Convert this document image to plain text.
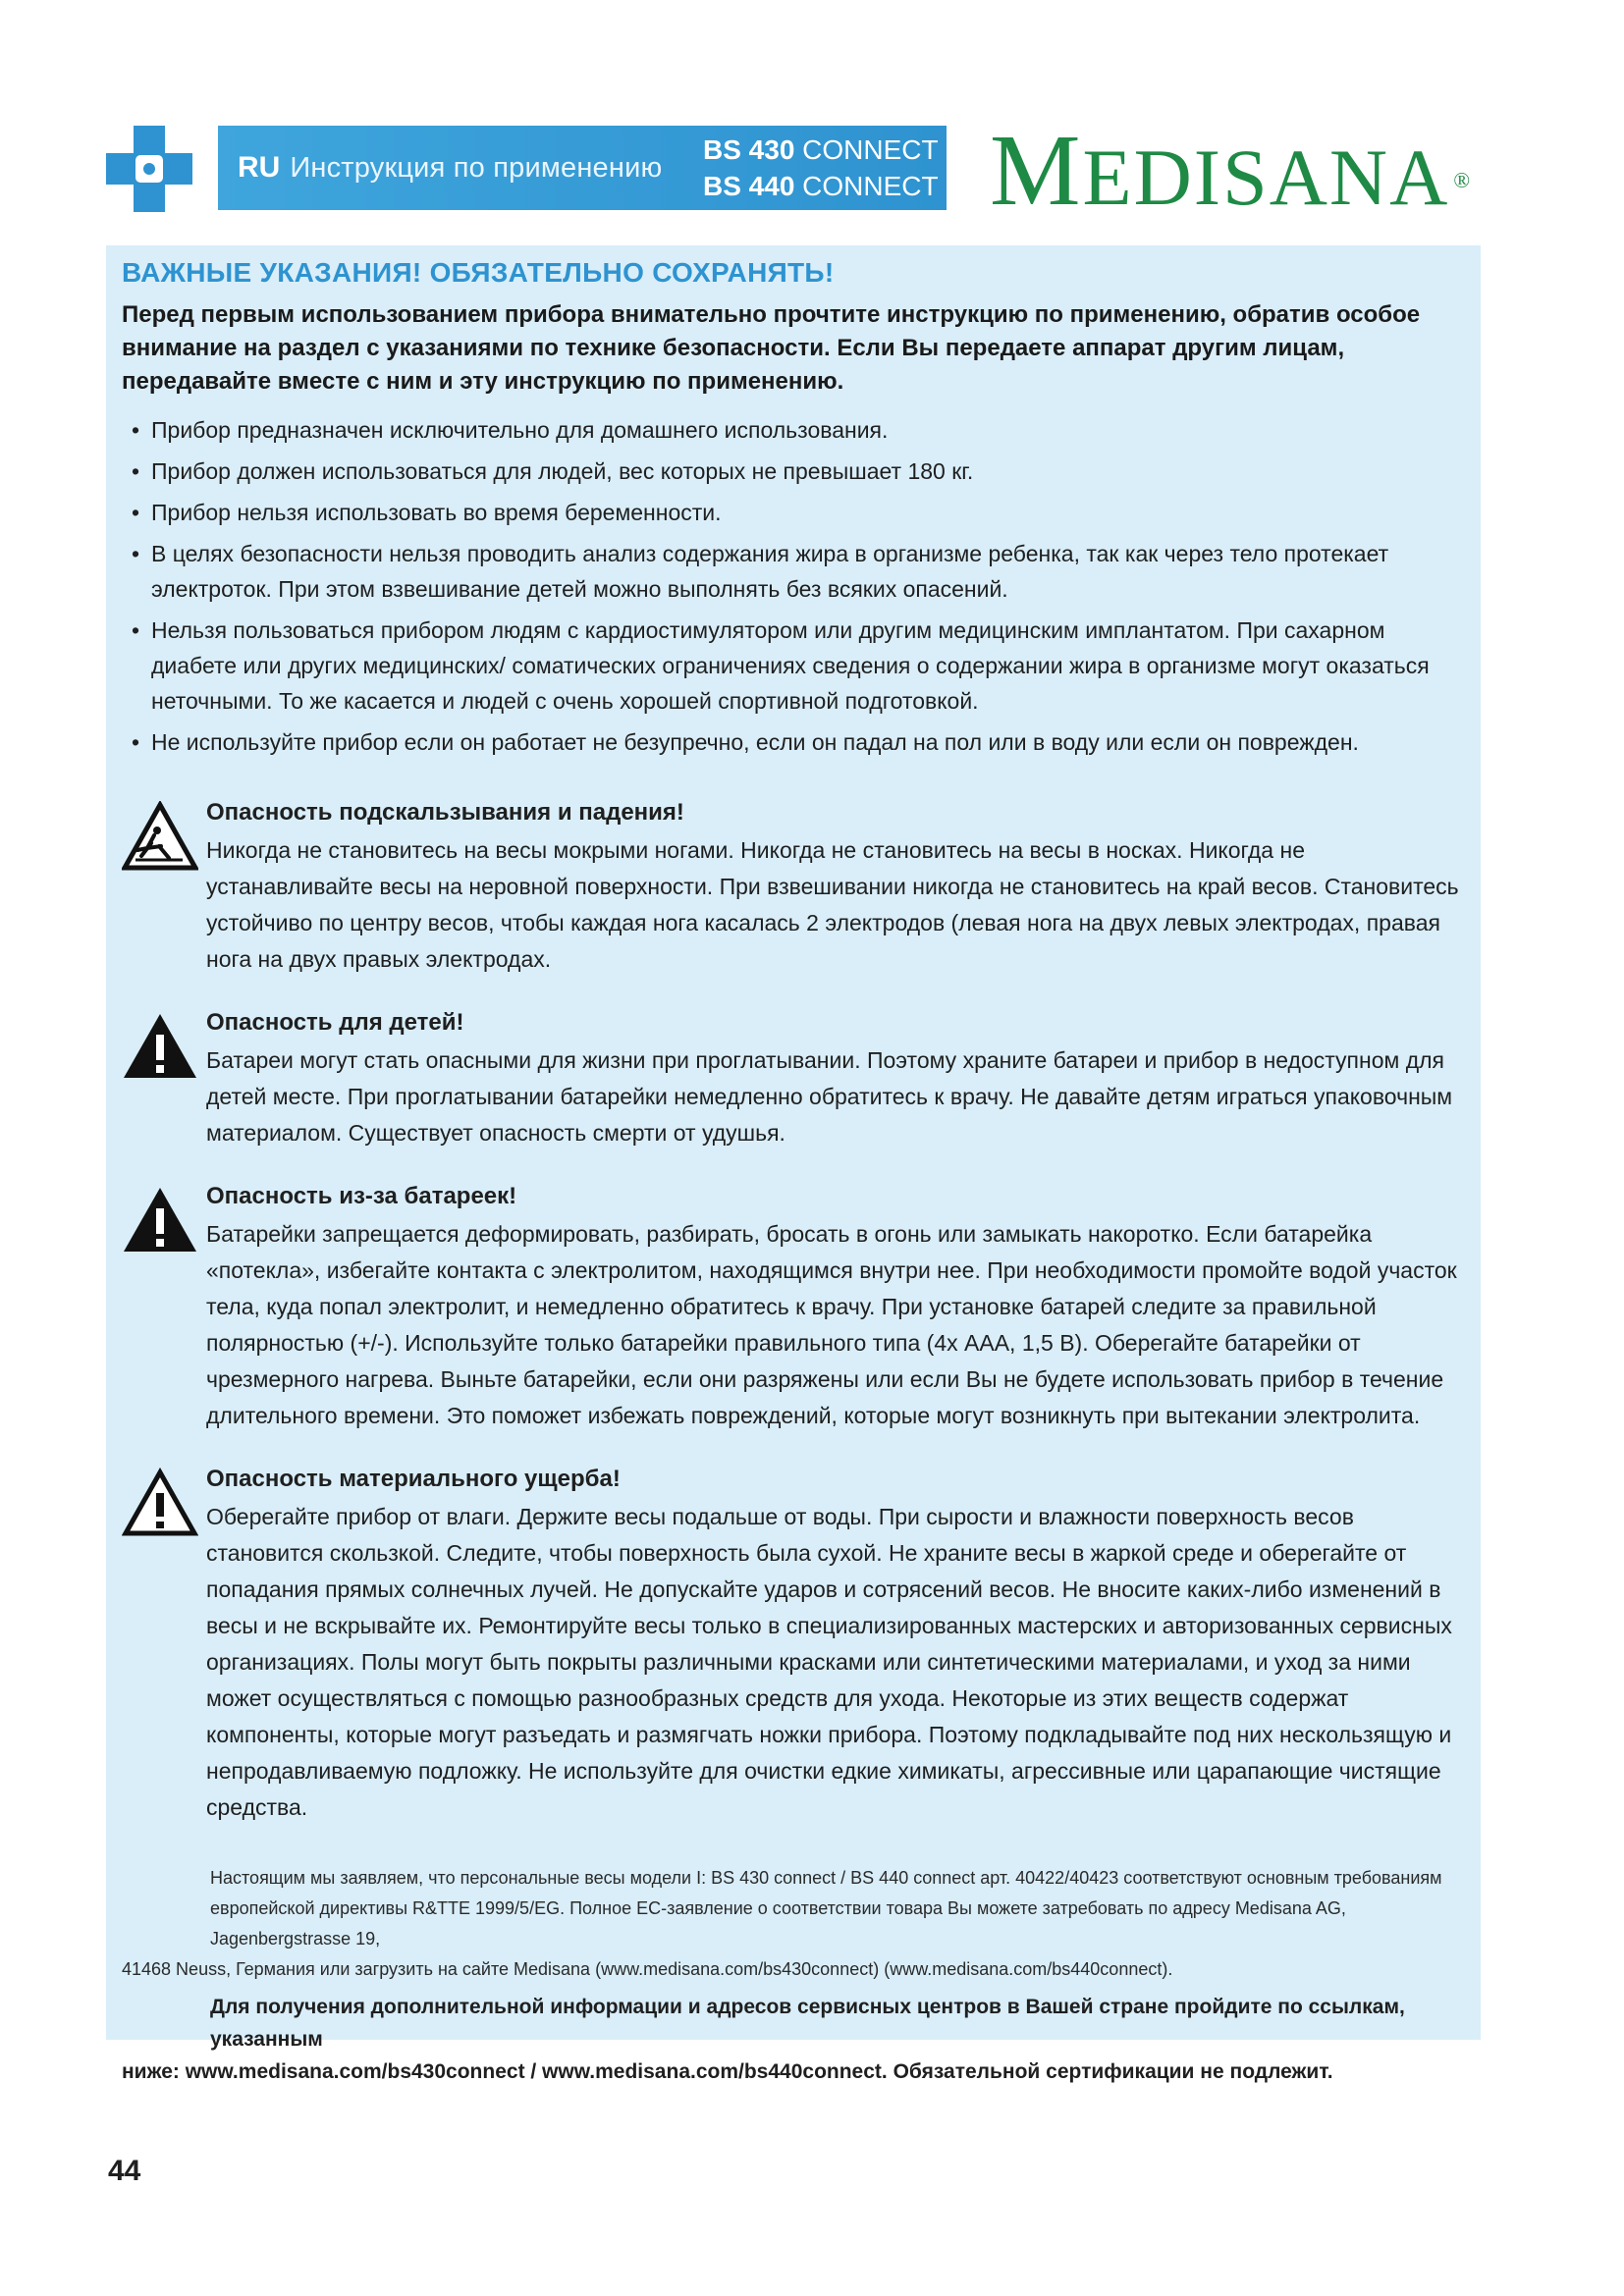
RU Инструкция по применению
BS 430 CONNECT
BS 440 CONNECT MEDISANA ®
ВАЖНЫЕ УКАЗАНИЯ! ОБЯЗАТЕЛЬНО СОХРАНЯТЬ!
Перед первым использованием прибора внимательно прочтите инструкцию по применению, обратив особое внимание на раздел с указаниями по технике безопасности. Если Вы передаете аппарат другим лицам, передавайте вместе с ним и эту инструкцию по применению.
• Прибор предназначен исключительно для домашнего использования.
• Прибор должен использоваться для людей, вес которых не превышает 180 кг.
• Прибор нельзя использовать во время беременности.
• В целях безопасности нельзя проводить анализ содержания жира в организме ребенка, так как через тело протекает электроток. При этом взвешивание детей можно выполнять без всяких опасений.
• Нельзя пользоваться прибором людям с кардиостимулятором или другим медицинским имплантатом. При сахарном диабете или других медицинских/ соматических ограничениях сведения о содержании жира в организме могут оказаться неточными. То же касается и людей с очень хорошей спортивной подготовкой.
• Не используйте прибор если он работает не безупречно, если он падал на пол или в воду или если он поврежден.
Опасность подскальзывания и падения!

Никогда не становитесь на весы мокрыми ногами. Никогда не становитесь на весы в носках. Никогда не устанавливайте весы на неровной поверхности. При взвешивании никогда не становитесь на край весов. Становитесь устойчиво по центру весов, чтобы каждая нога касалась 2 электродов (левая нога на двух левых электродах, правая нога на двух правых электродах.

Опасность для детей!

Батареи могут стать опасными для жизни при проглатывании. Поэтому храните батареи и прибор в недоступном для детей месте. При проглатывании батарейки немедленно обратитесь к врачу. Не давайте детям играться упаковочным материалом. Существует опасность смерти от удушья.

Опасность из-за батареек!

Батарейки запрещается деформировать, разбирать, бросать в огонь или замыкать накоротко. Если батарейка «потекла», избегайте контакта с электролитом, находящимся внутри нее. При необходимости промойте водой участок тела, куда попал электролит, и немедленно обратитесь к врачу. При установке батарей следите за правильной полярностью (+/-). Используйте только батарейки правильного типа (4х AAA, 1,5 В). Оберегайте батарейки от чрезмерного нагрева. Выньте батарейки, если они разряжены или если Вы не будете использовать прибор в течение длительного времени. Это поможет избежать повреждений, которые могут возникнуть при вытекании электролита.

Опасность материального ущерба!

Оберегайте прибор от влаги. Держите весы подальше от воды. При сырости и влажности поверхность весов становится скользкой. Следите, чтобы поверхность была сухой. Не храните весы в жаркой среде и оберегайте от попадания прямых солнечных лучей. Не допускайте ударов и сотрясений весов. Не вносите каких-либо изменений в весы и не вскрывайте их. Ремонтируйте весы только в специализированных мастерских и авторизованных сервисных организациях. Полы могут быть покрыты различными красками или синтетическими материалами, и уход за ними может осуществляться с помощью разнообразных средств для ухода. Некоторые из этих веществ содержат компоненты, которые могут разъедать и размягчать ножки прибора. Поэтому подкладывайте под них нескользящую и непродавливаемую подложку. Не используйте для очистки едкие химикаты, агрессивные или царапающие чистящие средства.

Настоящим мы заявляем, что персональные весы модели I: BS 430 connect / BS 440 connect арт. 40422/40423 соответствуют основным требованиям
европейской директивы R&TTE 1999/5/EG. Полное ЕС-заявление о соответствии товара Вы можете затребовать по адресу Medisana AG, Jagenbergstrasse 19,
41468 Neuss, Германия или загрузить на сайте Medisana (www.medisana.com/bs430connect) (www.medisana.com/bs440connect).
Для получения дополнительной информации и адресов сервисных центров в Вашей стране пройдите по ссылкам, указанным
ниже: www.medisana.com/bs430connect / www.medisana.com/bs440connect. Обязательной сертификации не подлежит.
44
